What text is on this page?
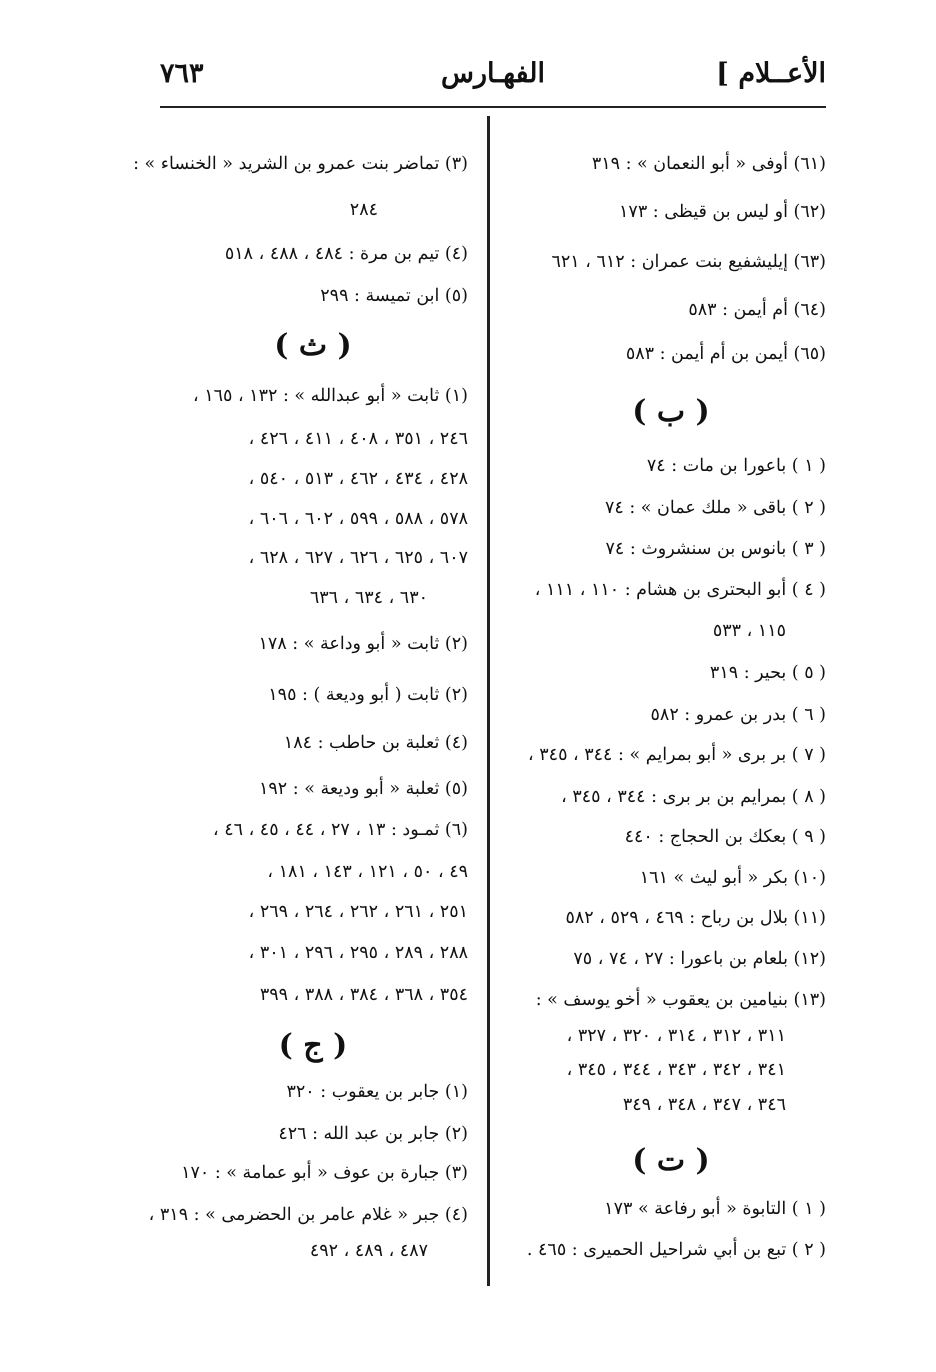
الأعــلام ]
الفهـارس
٧٦٣
(٦١) أوفى « أبو النعمان » : ٣١٩
(٦٢) أو ليس بن قيظى : ١٧٣
(٦٣) إيليشفيع بنت عمران : ٦١٢ ، ٦٢١
(٦٤) أم أيمن : ٥٨٣
(٦٥) أيمن بن أم أيمن : ٥٨٣
( ب )
( ١ ) باعورا بن مات : ٧٤
( ٢ ) باقى « ملك عمان » : ٧٤
( ٣ ) بانوس بن سنشروث : ٧٤
( ٤ ) أبو البحترى بن هشام : ١١٠ ، ١١١ ،
١١٥ ، ٥٣٣
( ٥ ) بحير : ٣١٩
( ٦ ) بدر بن عمرو : ٥٨٢
( ٧ ) بر برى « أبو بمرايم » : ٣٤٤ ، ٣٤٥ ،
( ٨ ) بمرايم بن بر برى : ٣٤٤ ، ٣٤٥ ،
( ٩ ) بعكك بن الحجاج : ٤٤٠
(١٠) بكر « أبو ليث » ١٦١
(١١) بلال بن رباح : ٤٦٩ ، ٥٢٩ ، ٥٨٢
(١٢) بلعام بن باعورا : ٢٧ ، ٧٤ ، ٧٥
(١٣) بنيامين بن يعقوب « أخو يوسف » :
٣١١ ، ٣١٢ ، ٣١٤ ، ٣٢٠ ، ٣٢٧ ،
٣٤١ ، ٣٤٢ ، ٣٤٣ ، ٣٤٤ ، ٣٤٥ ،
٣٤٦ ، ٣٤٧ ، ٣٤٨ ، ٣٤٩
( ت )
( ١ ) التابوة « أبو رفاعة » ١٧٣
( ٢ ) تبع بن أبي شراحيل الحميرى : ٤٦٥ .
(٣) تماضر بنت عمرو بن الشريد « الخنساء » :
٢٨٤
(٤) تيم بن مرة : ٤٨٤ ، ٤٨٨ ، ٥١٨
(٥) ابن تميسة : ٢٩٩
( ث )
(١) ثابت « أبو عبدالله » : ١٣٢ ، ١٦٥ ،
٢٤٦ ، ٣٥١ ، ٤٠٨ ، ٤١١ ، ٤٢٦ ،
٤٢٨ ، ٤٣٤ ، ٤٦٢ ، ٥١٣ ، ٥٤٠ ،
٥٧٨ ، ٥٨٨ ، ٥٩٩ ، ٦٠٢ ، ٦٠٦ ،
٦٠٧ ، ٦٢٥ ، ٦٢٦ ، ٦٢٧ ، ٦٢٨ ،
٦٣٠ ، ٦٣٤ ، ٦٣٦
(٢) ثابت « أبو وداعة » : ١٧٨
(٢) ثابت ( أبو وديعة ) : ١٩٥
(٤) ثعلبة بن حاطب : ١٨٤
(٥) ثعلبة « أبو وديعة » : ١٩٢
(٦) ثمـود : ١٣ ، ٢٧ ، ٤٤ ، ٤٥ ، ٤٦ ،
٤٩ ، ٥٠ ، ١٢١ ، ١٤٣ ، ١٨١ ،
٢٥١ ، ٢٦١ ، ٢٦٢ ، ٢٦٤ ، ٢٦٩ ،
٢٨٨ ، ٢٨٩ ، ٢٩٥ ، ٢٩٦ ، ٣٠١ ،
٣٥٤ ، ٣٦٨ ، ٣٨٤ ، ٣٨٨ ، ٣٩٩
( ج )
(١) جابر بن يعقوب : ٣٢٠
(٢) جابر بن عبد الله : ٤٢٦
(٣) جبارة بن عوف « أبو عمامة » : ١٧٠
(٤) جبر « غلام عامر بن الحضرمى » : ٣١٩ ،
٤٨٧ ، ٤٨٩ ، ٤٩٢
